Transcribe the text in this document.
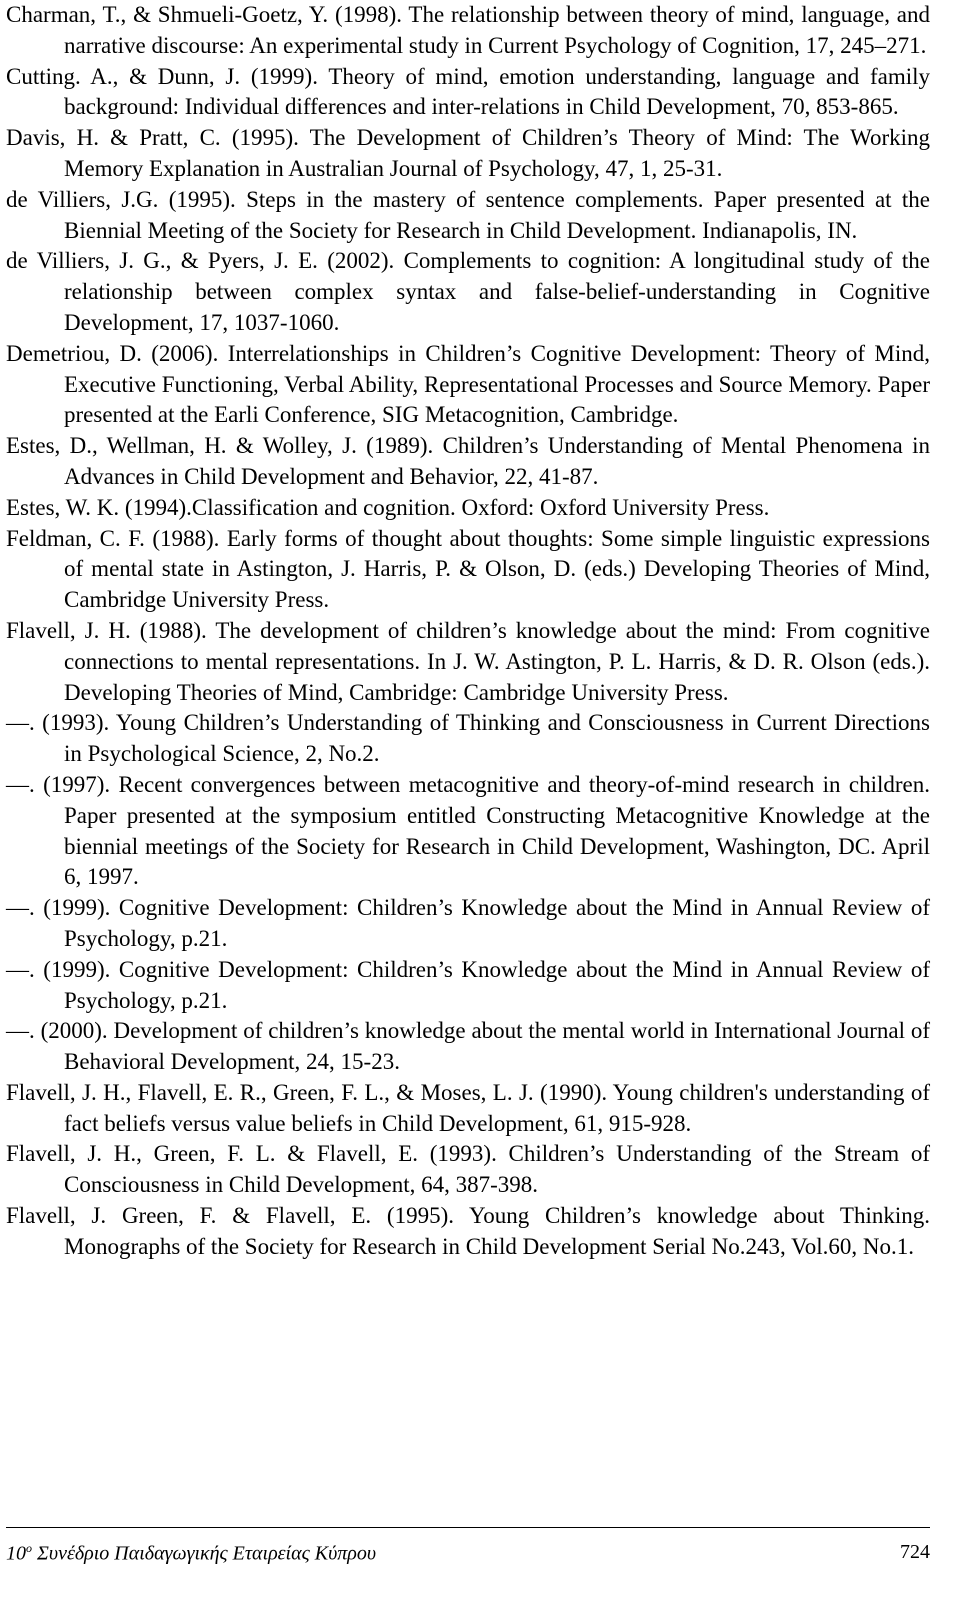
Charman, T., & Shmueli-Goetz, Y. (1998). The relationship between theory of mind, language, and narrative discourse: An experimental study in Current Psychology of Cognition, 17, 245–271.

Cutting. A., & Dunn, J. (1999). Theory of mind, emotion understanding, language and family background: Individual differences and inter-relations in Child Development, 70, 853-865.

Davis, H. & Pratt, C. (1995). The Development of Children’s Theory of Mind: The Working Memory Explanation in Australian Journal of Psychology, 47, 1, 25-31.

de Villiers, J.G. (1995). Steps in the mastery of sentence complements. Paper presented at the Biennial Meeting of the Society for Research in Child Development. Indianapolis, IN.

de Villiers, J. G., & Pyers, J. E. (2002). Complements to cognition: A longitudinal study of the relationship between complex syntax and false-belief-understanding in Cognitive Development, 17, 1037-1060.

Demetriou, D. (2006). Interrelationships in Children’s Cognitive Development: Theory of Mind, Executive Functioning, Verbal Ability, Representational Processes and Source Memory. Paper presented at the Earli Conference, SIG Metacognition, Cambridge.

Estes, D., Wellman, H. & Wolley, J. (1989). Children’s Understanding of Mental Phenomena in Advances in Child Development and Behavior, 22, 41-87.

Estes, W. K. (1994).Classification and cognition. Oxford: Oxford University Press.

Feldman, C. F. (1988). Early forms of thought about thoughts: Some simple linguistic expressions of mental state in Astington, J. Harris, P. & Olson, D. (eds.) Developing Theories of Mind, Cambridge University Press.

Flavell, J. H. (1988). The development of children’s knowledge about the mind: From cognitive connections to mental representations. In J. W. Astington, P. L. Harris, & D. R. Olson (eds.). Developing Theories of Mind, Cambridge: Cambridge University Press.

—. (1993). Young Children’s Understanding of Thinking and Consciousness in Current Directions in Psychological Science, 2, No.2.

—. (1997). Recent convergences between metacognitive and theory-of-mind research in children. Paper presented at the symposium entitled Constructing Metacognitive Knowledge at the biennial meetings of the Society for Research in Child Development, Washington, DC. April 6, 1997.

—. (1999). Cognitive Development: Children’s Knowledge about the Mind in Annual Review of Psychology, p.21.

—. (1999). Cognitive Development: Children’s Knowledge about the Mind in Annual Review of Psychology, p.21.

—. (2000). Development of children’s knowledge about the mental world in International Journal of Behavioral Development, 24, 15-23.

Flavell, J. H., Flavell, E. R., Green, F. L., & Moses, L. J. (1990). Young children's understanding of fact beliefs versus value beliefs in Child Development, 61, 915-928.

Flavell, J. H., Green, F. L. & Flavell, E. (1993). Children’s Understanding of the Stream of Consciousness in Child Development, 64, 387-398.

Flavell, J. Green, F. & Flavell, E. (1995). Young Children’s knowledge about Thinking. Monographs of the Society for Research in Child Development Serial No.243, Vol.60, No.1.

$10^o$ Συνέδριο Παιδαγωγικής Εταιρείας Κύπρου	724
